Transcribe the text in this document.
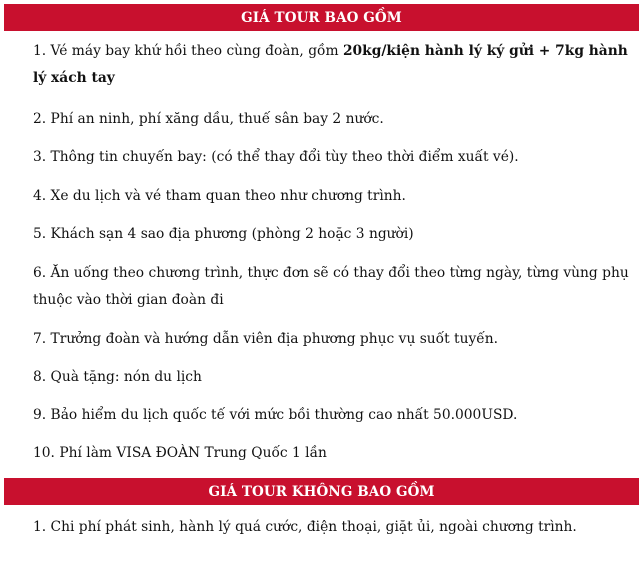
GIÁ TOUR BAO GỒM
1. Vé máy bay khứ hồi theo cùng đoàn, gồm 20kg/kiện hành lý ký gửi + 7kg hành lý xách tay
2. Phí an ninh, phí xăng dầu, thuế sân bay 2 nước.
3. Thông tin chuyến bay: (có thể thay đổi tùy theo thời điểm xuất vé).
4. Xe du lịch và vé tham quan theo như chương trình.
5. Khách sạn 4 sao địa phương (phòng 2 hoặc 3 người)
6. Ăn uống theo chương trình, thực đơn sẽ có thay đổi theo từng ngày, từng vùng phụ thuộc vào thời gian đoàn đi
7. Trưởng đoàn và hướng dẫn viên địa phương phục vụ suốt tuyến.
8. Quà tặng: nón du lịch
9. Bảo hiểm du lịch quốc tế với mức bồi thường cao nhất 50.000USD.
10. Phí làm VISA ĐOÀN Trung Quốc 1 lần
GIÁ TOUR KHÔNG BAO GỒM
1. Chi phí phát sinh, hành lý quá cước, điện thoại, giặt ủi, ngoài chương trình.
